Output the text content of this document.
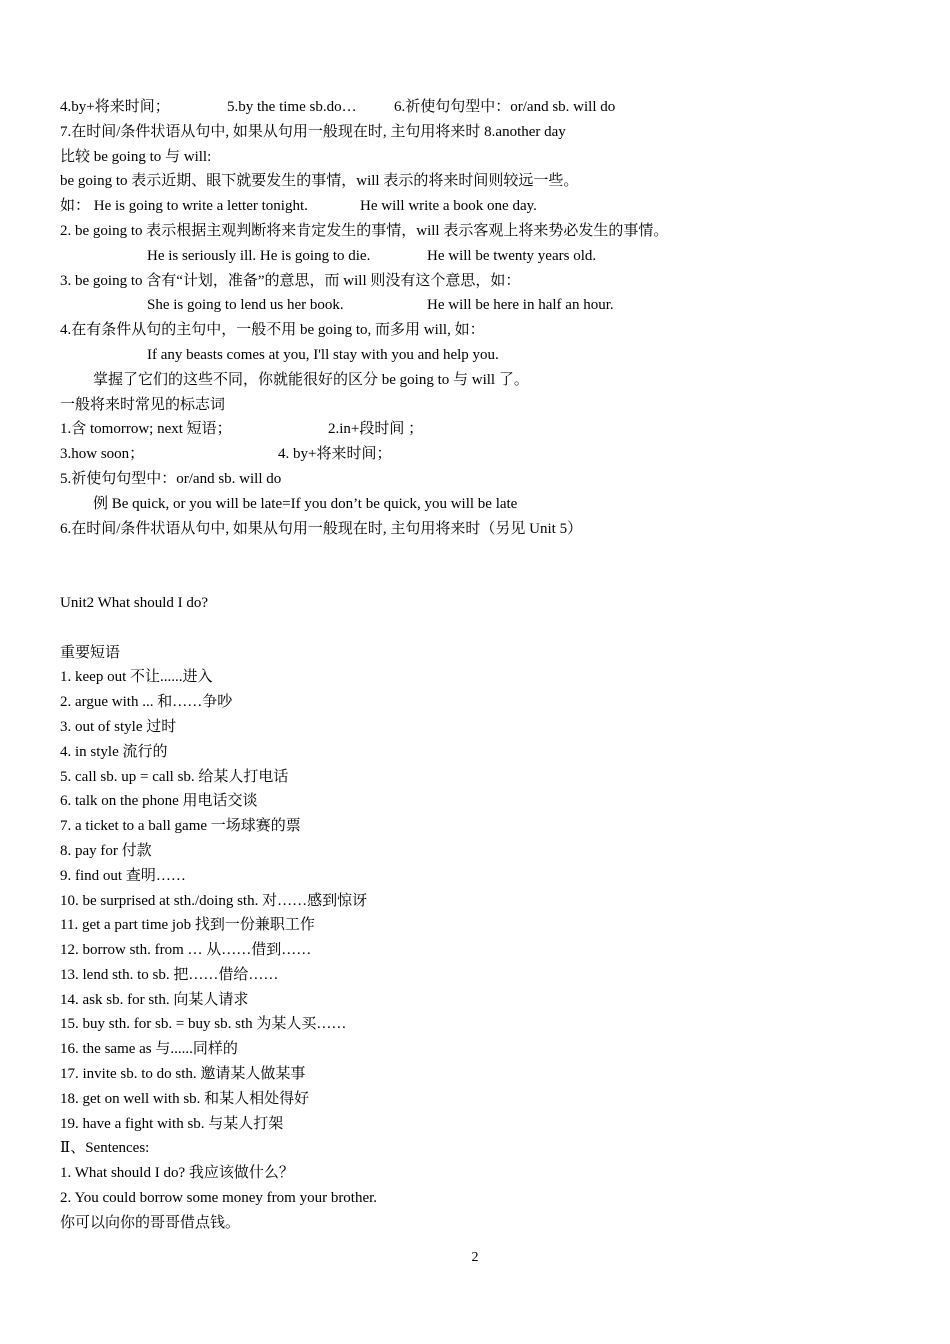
4.by+将来时间；	5.by the time sb.do… 6.祈使句句型中：or/and sb. will do
7.在时间/条件状语从句中, 如果从句用一般现在时, 主句用将来时 8.another day
比较 be going to 与 will:
be going to 表示近期、眼下就要发生的事情，will 表示的将来时间则较远一些。
如： He is going to write a letter tonight.	He will write a book one day.
2. be going to 表示根据主观判断将来肯定发生的事情，will 表示客观上将来势必发生的事情。
He is seriously ill. He is going to die.	He will be twenty years old.
3. be going to 含有“计划，准备”的意思，而 will 则没有这个意思，如：
She is going to lend us her book.	He will be here in half an hour.
4.在有条件从句的主句中，一般不用 be going to, 而多用 will, 如：
If any beasts comes at you, I'll stay with you and help you.
掌握了它们的这些不同，你就能很好的区分 be going to 与 will 了。
一般将来时常见的标志词
1.含 tomorrow; next 短语；	2.in+段时间 ；
3.how soon；	4. by+将来时间；
5.祈使句句型中：or/and sb. will do
例 Be quick, or you will be late=If you don’t be quick, you will be late
6.在时间/条件状语从句中, 如果从句用一般现在时, 主句用将来时（另见 Unit 5）
Unit2 What should I do?
重要短语
1. keep out 不让......进入
2. argue with ... 和……争吵
3. out of style 过时
4. in style 流行的
5. call sb. up = call sb. 给某人打电话
6. talk on the phone 用电话交谈
7. a ticket to a ball game 一场球赛的票
8. pay for 付款
9. find out 查明……
10. be surprised at sth./doing sth. 对……感到惊讶
11. get a part time job 找到一份兼职工作
12. borrow sth. from … 从……借到……
13. lend sth. to sb. 把……借给……
14. ask sb. for sth. 向某人请求
15. buy sth. for sb. = buy sb. sth 为某人买……
16. the same as 与......同样的
17. invite sb. to do sth. 邀请某人做某事
18. get on well with sb. 和某人相处得好
19. have a fight with sb. 与某人打架
Ⅱ、Sentences:
1. What should I do? 我应该做什么？
2. You could borrow some money from your brother.
你可以向你的哥哥借点钱。
2
